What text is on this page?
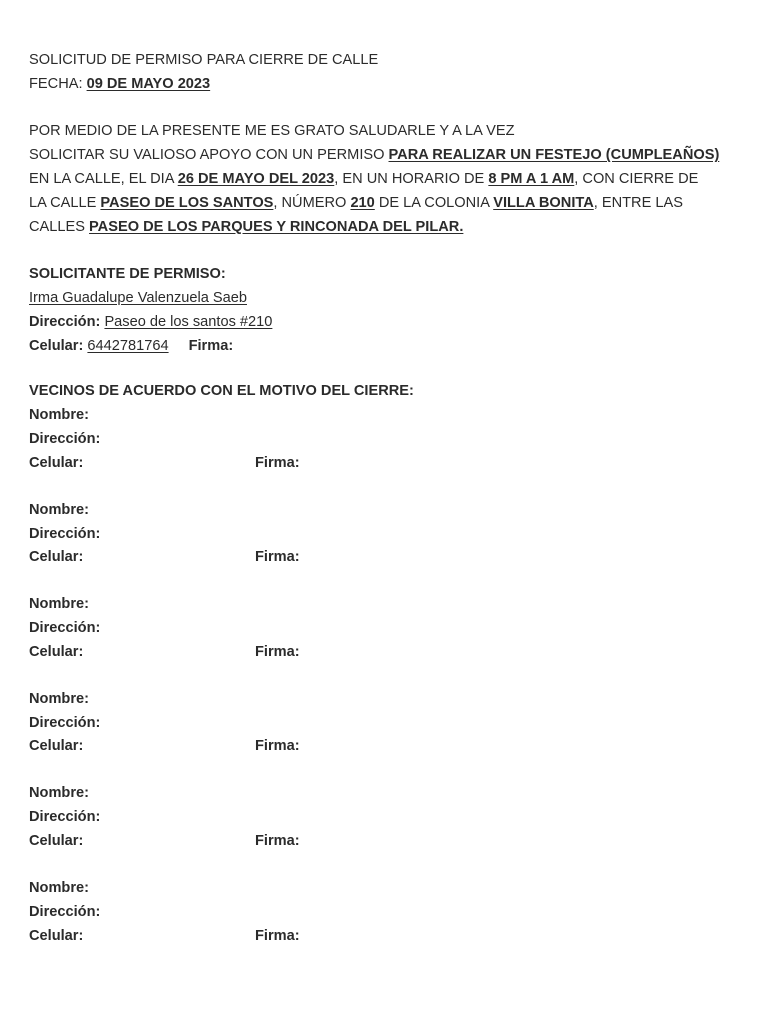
SOLICITUD DE PERMISO PARA CIERRE DE CALLE
FECHA: 09 DE MAYO 2023
POR MEDIO DE LA PRESENTE ME ES GRATO SALUDARLE Y A LA VEZ
SOLICITAR SU VALIOSO APOYO CON UN PERMISO PARA REALIZAR UN FESTEJO (CUMPLEAÑOS)
EN LA CALLE, EL DIA 26 DE MAYO DEL 2023, EN UN HORARIO DE 8 PM A 1 AM, CON CIERRE DE
LA CALLE PASEO DE LOS SANTOS, NÚMERO 210 DE LA COLONIA VILLA BONITA, ENTRE LAS
CALLES PASEO DE LOS PARQUES Y RINCONADA DEL PILAR.
SOLICITANTE DE PERMISO:
Irma Guadalupe Valenzuela Saeb
Dirección: Paseo de los santos #210
Celular: 6442781764 Firma:
VECINOS DE ACUERDO CON EL MOTIVO DEL CIERRE:
Nombre:
Dirección:
Celular:	Firma:
Nombre:
Dirección:
Celular:	Firma:
Nombre:
Dirección:
Celular:	Firma:
Nombre:
Dirección:
Celular:	Firma:
Nombre:
Dirección:
Celular:	Firma:
Nombre:
Dirección:
Celular:	Firma:
